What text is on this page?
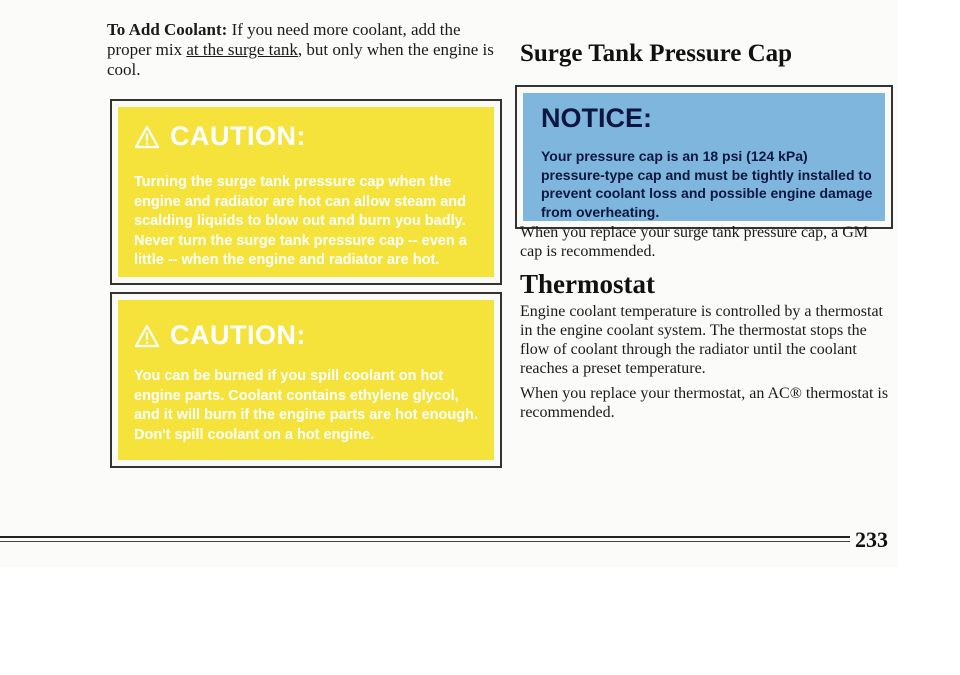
To Add Coolant: If you need more coolant, add the proper mix at the surge tank, but only when the engine is cool.

CAUTION:
Turning the surge tank pressure cap when the engine and radiator are hot can allow steam and scalding liquids to blow out and burn you badly. Never turn the surge tank pressure cap -- even a little -- when the engine and radiator are hot.
CAUTION:
You can be burned if you spill coolant on hot engine parts. Coolant contains ethylene glycol, and it will burn if the engine parts are hot enough. Don't spill coolant on a hot engine.
Surge Tank Pressure Cap
NOTICE:
Your pressure cap is an 18 psi (124 kPa) pressure-type cap and must be tightly installed to prevent coolant loss and possible engine damage from overheating.

When you replace your surge tank pressure cap, a GM cap is recommended.

Thermostat

Engine coolant temperature is controlled by a thermostat in the engine coolant system. The thermostat stops the flow of coolant through the radiator until the coolant reaches a preset temperature.

When you replace your thermostat, an AC® thermostat is recommended.

233
